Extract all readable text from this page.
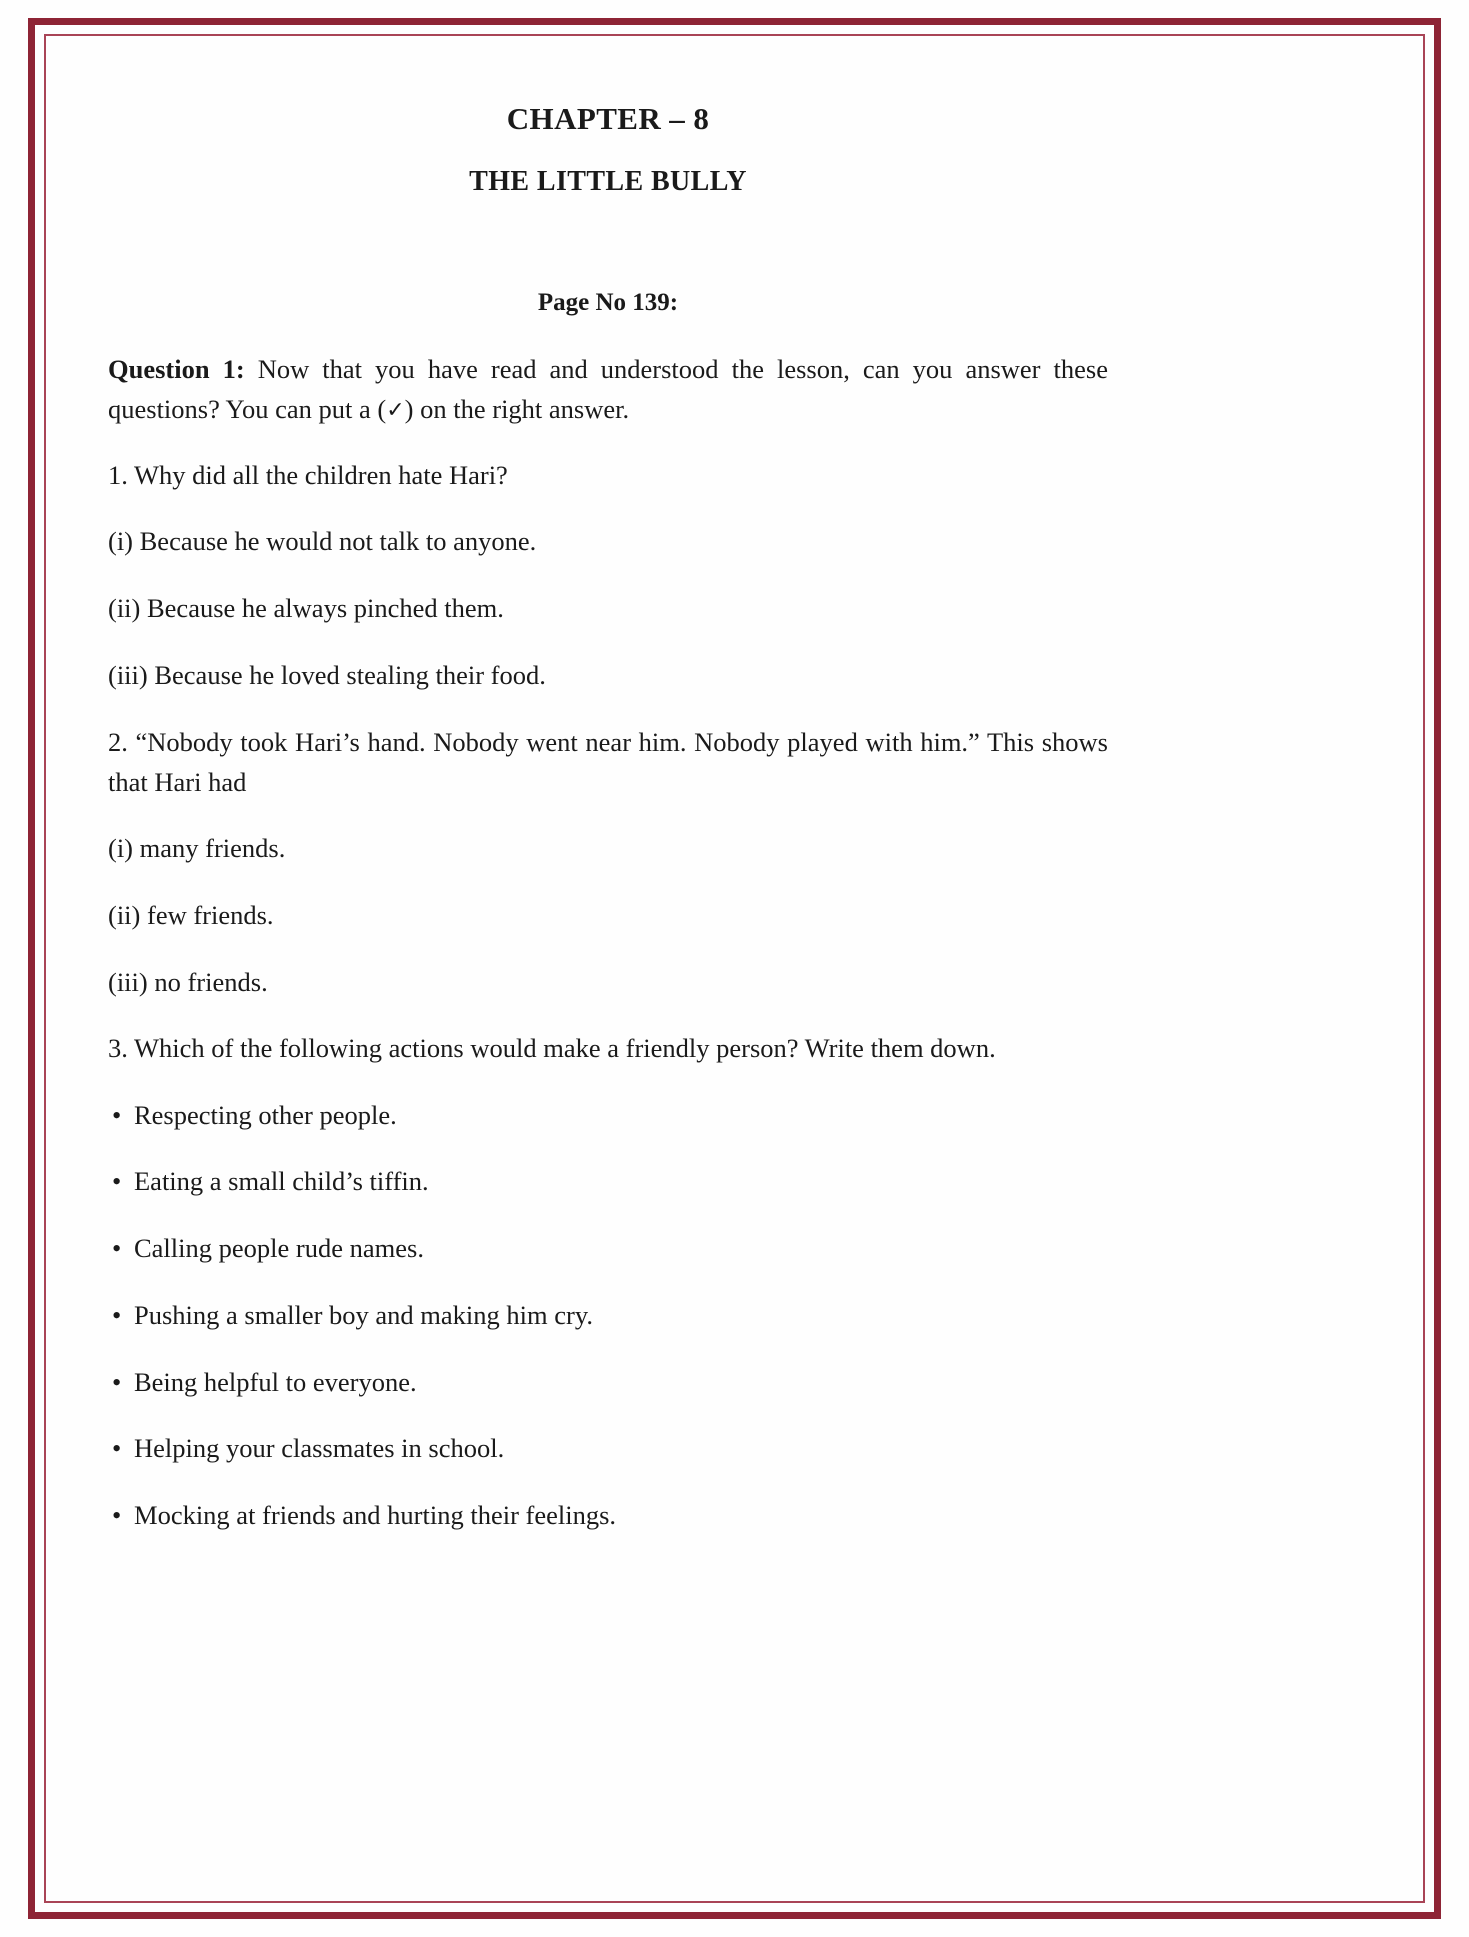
CHAPTER – 8
THE LITTLE BULLY
Page No 139:

Question 1: Now that you have read and understood the lesson, can you answer these questions? You can put a (✓) on the right answer.

1. Why did all the children hate Hari?

(i) Because he would not talk to anyone.

(ii) Because he always pinched them.

(iii) Because he loved stealing their food.

2. “Nobody took Hari’s hand. Nobody went near him. Nobody played with him.” This shows that Hari had

(i) many friends.

(ii) few friends.

(iii) no friends.

3. Which of the following actions would make a friendly person? Write them down.

• Respecting other people.

• Eating a small child’s tiffin.

• Calling people rude names.

• Pushing a smaller boy and making him cry.

• Being helpful to everyone.

• Helping your classmates in school.

• Mocking at friends and hurting their feelings.
